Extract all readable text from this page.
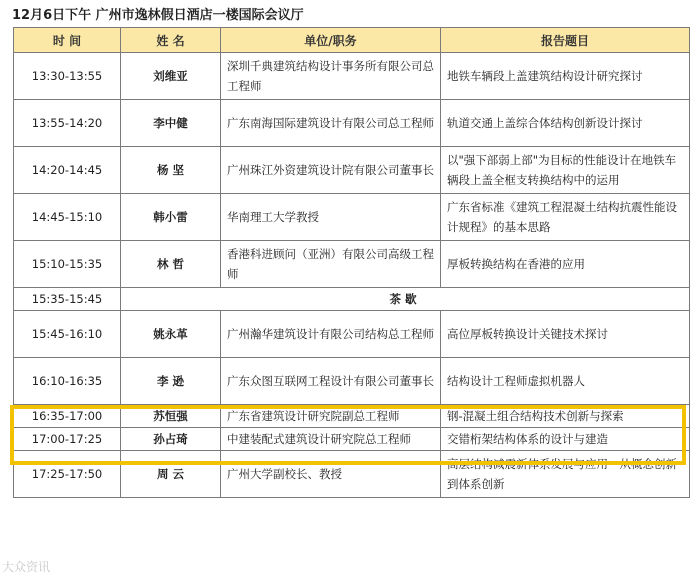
12月6日下午 广州市逸林假日酒店一楼国际会议厅
时 间	姓 名	单位/职务	报告题目
13:30-13:55	刘维亚	深圳千典建筑结构设计事务所有限公司总工程师	地铁车辆段上盖建筑结构设计研究探讨
13:55-14:20	李中健	广东南海国际建筑设计有限公司总工程师	轨道交通上盖综合体结构创新设计探讨
14:20-14:45	杨 坚	广州珠江外资建筑设计院有限公司董事长	以"强下部弱上部"为目标的性能设计在地铁车辆段上盖全框支转换结构中的运用
14:45-15:10	韩小雷	华南理工大学教授	广东省标准《建筑工程混凝土结构抗震性能设计规程》的基本思路
15:10-15:35	林 哲	香港科进顾问（亚洲）有限公司高级工程师	厚板转换结构在香港的应用
15:35-15:45	茶歇		
15:45-16:10	姚永革	广州瀚华建筑设计有限公司结构总工程师	高位厚板转换设计关键技术探讨
16:10-16:35	李 逊	广东众图互联网工程设计有限公司董事长	结构设计工程师虚拟机器人
16:35-17:00	苏恒强	广东省建筑设计研究院副总工程师	钢-混凝土组合结构技术创新与探索
17:00-17:25	孙占琦	中建装配式建筑设计研究院总工程师	交错桁架结构体系的设计与建造
17:25-17:50	周 云	广州大学副校长、教授	高层结构减震新体系发展与应用—从概念创新到体系创新
大众资讯
